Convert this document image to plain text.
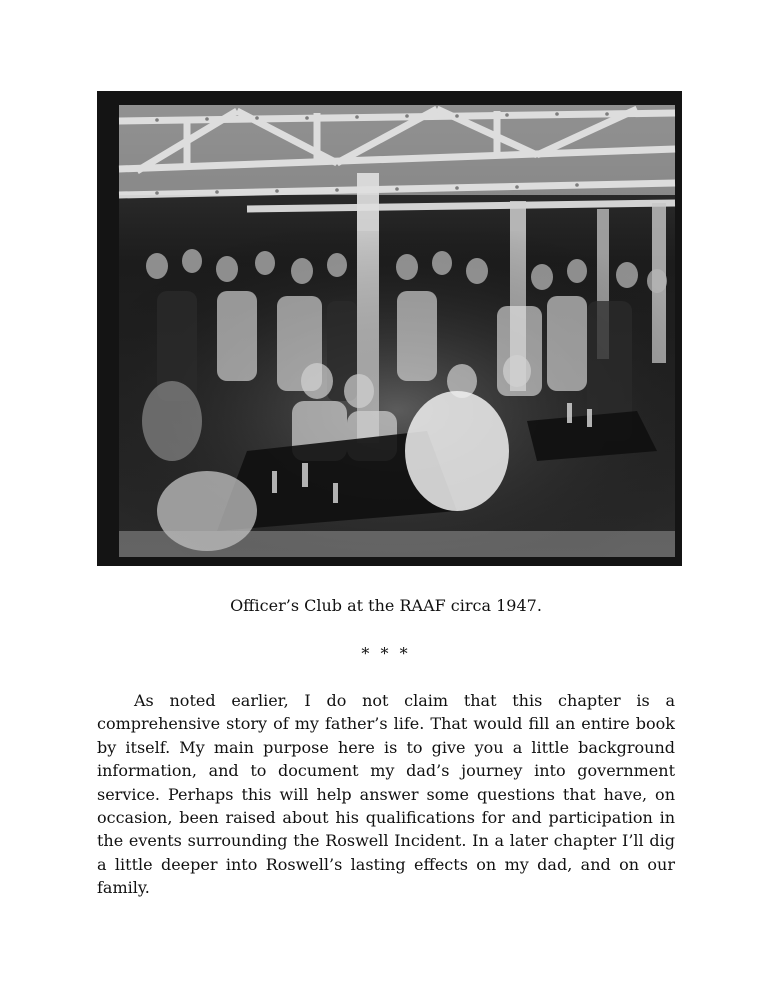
Officer’s Club at the RAAF circa 1947.
* * *

As noted earlier, I do not claim that this chapter is a comprehensive story of my father’s life. That would fill an entire book by itself. My main purpose here is to give you a little background information, and to document my dad’s journey into government service. Perhaps this will help answer some questions that have, on occasion, been raised about his qualifications for and participation in the events surrounding the Roswell Incident. In a later chapter I’ll dig a little deeper into Roswell’s lasting effects on my dad, and on our family.
